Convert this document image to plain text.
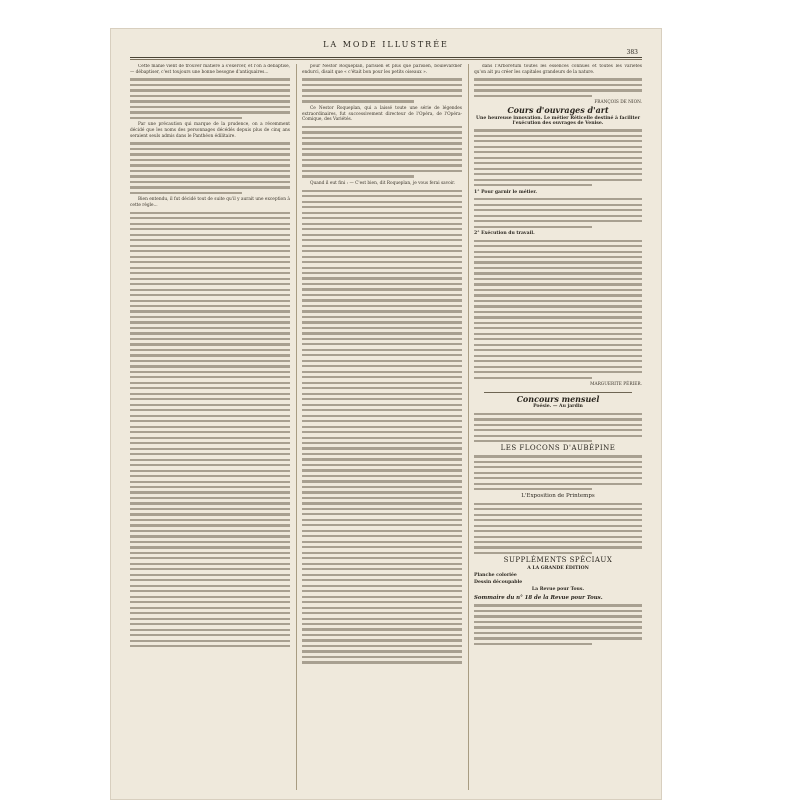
LA MODE ILLUSTRÉE
383

Cette manie vient de trouver matière à s'exercer, et l'on a débaptisé, — débaptiser, c'est toujours une bonne besogne d'antiquaires...

Par une précaution qui marque de la prudence, on a récemment décidé que les noms des personnages décédés depuis plus de cinq ans seraient seuls admis dans le Panthéon édilitaire.

Bien entendu, il fut décidé tout de suite qu'il y aurait une exception à cette règle...

pour Nestor Roqueplan, parisien et plus que parisien, boulevardier endurci, disait que « c'était bon pour les petits oiseaux ».

Ce Nestor Roqueplan, qui a laissé toute une série de légendes extraordinaires, fut successivement directeur de l'Opéra, de l'Opéra-Comique, des Variétés.

Quand il eut fini : — C'est bien, dit Roqueplan, je vous ferai savoir.

dans l'Arboretum toutes les essences connues et toutes les variétés qu'on ait pu créer les capitales grandeurs de la nature.

FRANÇOIS DE NION.
Cours d'ouvrages d'art
Une heureuse innovation. Le métier Réticelle destiné à faciliter l'exécution des ouvrages de Venise.
1° Pour garnir le métier.
2° Exécution du travail.
MARGUERITE PÉRIER.
Concours mensuel
Poésie. — Au jardin
LES FLOCONS D'AUBÉPINE
L'Exposition de Printemps
SUPPLÉMENTS SPÉCIAUX
A LA GRANDE ÉDITION
Planche coloriée
Dessin découpable
La Revue pour Tous.
Sommaire du n° 18 de la Revue pour Tous.
